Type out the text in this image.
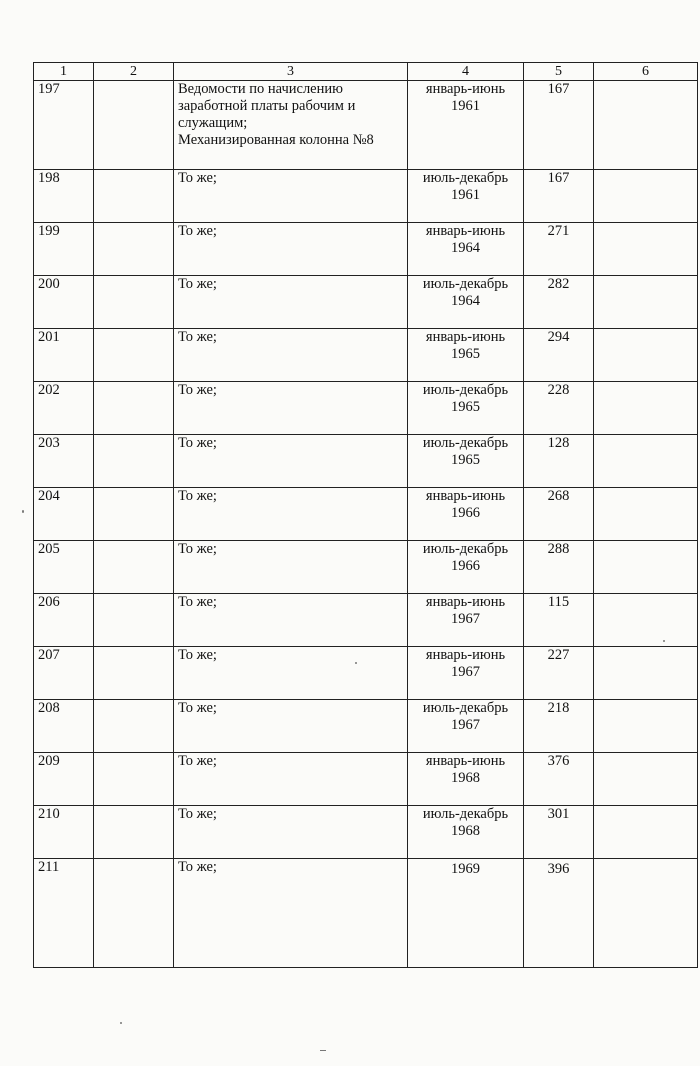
1	2	3	4	5	6
197		Ведомости по начислению
заработной платы рабочим и
служащим;
Механизированная колонна №8	январь-июнь
1961	167	
198		То же;	июль-декабрь
1961	167	
199		То же;	январь-июнь
1964	271	
200		То же;	июль-декабрь
1964	282	
201		То же;	январь-июнь
1965	294	
202		То же;	июль-декабрь
1965	228	
203		То же;	июль-декабрь
1965	128	
204		То же;	январь-июнь
1966	268	
205		То же;	июль-декабрь
1966	288	
206		То же;	январь-июнь
1967	115	
207		То же;	январь-июнь
1967	227	
208		То же;	июль-декабрь
1967	218	
209		То же;	январь-июнь
1968	376	
210		То же;	июль-декабрь
1968	301	
211		То же;	1969	396	
